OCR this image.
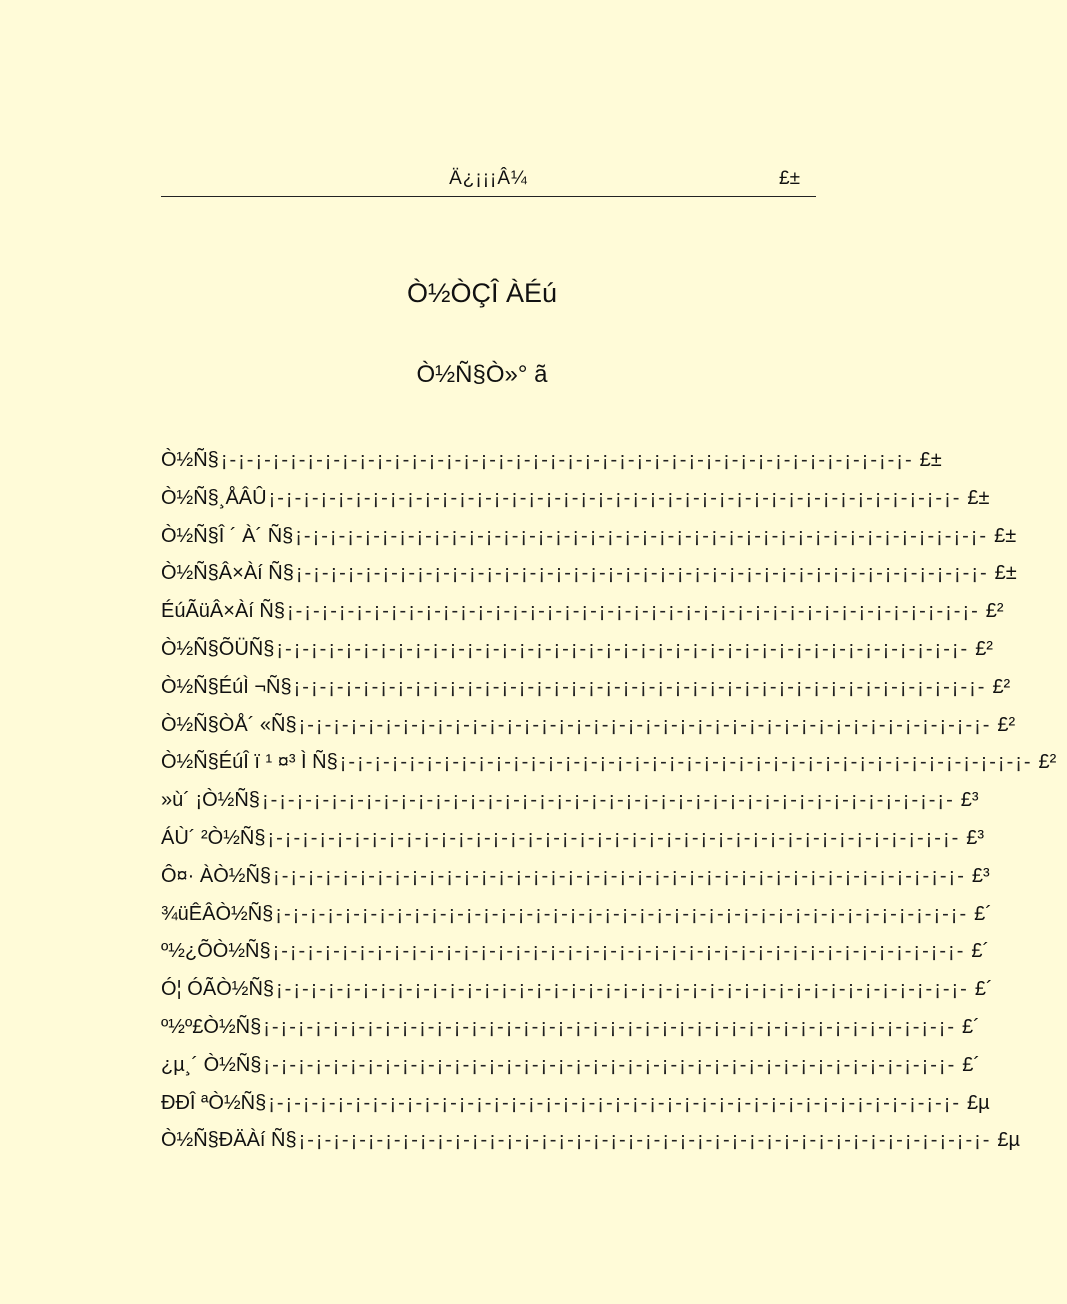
Ä¿¡¡¡Â¼	£±
Ò½ÒÇÎ ÀÉú
Ò½Ñ§Ò»° ã
Ò½Ñ§ ¡-¡-¡-¡-¡-¡-¡-¡-¡-¡-¡-¡-¡-¡-¡-¡-¡-¡-¡-¡-¡-¡-¡-¡-¡-¡-¡-¡-¡-¡-¡-¡-¡-¡-¡-¡-¡-¡-¡-¡- £±
Ò½Ñ§¸ÅÂÛ ¡-¡-¡-¡-¡-¡-¡-¡-¡-¡-¡-¡-¡-¡-¡-¡-¡-¡-¡-¡-¡-¡-¡-¡-¡-¡-¡-¡-¡-¡-¡-¡-¡-¡-¡-¡-¡-¡-¡-¡- £±
Ò½Ñ§Î ´ À´ Ñ§ ¡-¡-¡-¡-¡-¡-¡-¡-¡-¡-¡-¡-¡-¡-¡-¡-¡-¡-¡-¡-¡-¡-¡-¡-¡-¡-¡-¡-¡-¡-¡-¡-¡-¡-¡-¡-¡-¡-¡-¡- £±
Ò½Ñ§Â×Àí Ñ§ ¡-¡-¡-¡-¡-¡-¡-¡-¡-¡-¡-¡-¡-¡-¡-¡-¡-¡-¡-¡-¡-¡-¡-¡-¡-¡-¡-¡-¡-¡-¡-¡-¡-¡-¡-¡-¡-¡-¡-¡- £±
ÉúÃüÂ×Àí Ñ§ ¡-¡-¡-¡-¡-¡-¡-¡-¡-¡-¡-¡-¡-¡-¡-¡-¡-¡-¡-¡-¡-¡-¡-¡-¡-¡-¡-¡-¡-¡-¡-¡-¡-¡-¡-¡-¡-¡-¡-¡- £²
Ò½Ñ§ÕÜÑ§ ¡-¡-¡-¡-¡-¡-¡-¡-¡-¡-¡-¡-¡-¡-¡-¡-¡-¡-¡-¡-¡-¡-¡-¡-¡-¡-¡-¡-¡-¡-¡-¡-¡-¡-¡-¡-¡-¡-¡-¡- £²
Ò½Ñ§ÉúÌ ¬Ñ§ ¡-¡-¡-¡-¡-¡-¡-¡-¡-¡-¡-¡-¡-¡-¡-¡-¡-¡-¡-¡-¡-¡-¡-¡-¡-¡-¡-¡-¡-¡-¡-¡-¡-¡-¡-¡-¡-¡-¡-¡- £²
Ò½Ñ§ÒÅ´ «Ñ§ ¡-¡-¡-¡-¡-¡-¡-¡-¡-¡-¡-¡-¡-¡-¡-¡-¡-¡-¡-¡-¡-¡-¡-¡-¡-¡-¡-¡-¡-¡-¡-¡-¡-¡-¡-¡-¡-¡-¡-¡- £²
Ò½Ñ§ÉúÎ ï ¹ ¤³ Ì Ñ§ ¡-¡-¡-¡-¡-¡-¡-¡-¡-¡-¡-¡-¡-¡-¡-¡-¡-¡-¡-¡-¡-¡-¡-¡-¡-¡-¡-¡-¡-¡-¡-¡-¡-¡-¡-¡-¡-¡-¡-¡- £²
»ù´ ¡Ò½Ñ§ ¡-¡-¡-¡-¡-¡-¡-¡-¡-¡-¡-¡-¡-¡-¡-¡-¡-¡-¡-¡-¡-¡-¡-¡-¡-¡-¡-¡-¡-¡-¡-¡-¡-¡-¡-¡-¡-¡-¡-¡- £³
ÁÙ´ ²Ò½Ñ§ ¡-¡-¡-¡-¡-¡-¡-¡-¡-¡-¡-¡-¡-¡-¡-¡-¡-¡-¡-¡-¡-¡-¡-¡-¡-¡-¡-¡-¡-¡-¡-¡-¡-¡-¡-¡-¡-¡-¡-¡- £³
Ô¤· ÀÒ½Ñ§ ¡-¡-¡-¡-¡-¡-¡-¡-¡-¡-¡-¡-¡-¡-¡-¡-¡-¡-¡-¡-¡-¡-¡-¡-¡-¡-¡-¡-¡-¡-¡-¡-¡-¡-¡-¡-¡-¡-¡-¡- £³
¾üÊÂÒ½Ñ§ ¡-¡-¡-¡-¡-¡-¡-¡-¡-¡-¡-¡-¡-¡-¡-¡-¡-¡-¡-¡-¡-¡-¡-¡-¡-¡-¡-¡-¡-¡-¡-¡-¡-¡-¡-¡-¡-¡-¡-¡- £´
º½¿ÕÒ½Ñ§ ¡-¡-¡-¡-¡-¡-¡-¡-¡-¡-¡-¡-¡-¡-¡-¡-¡-¡-¡-¡-¡-¡-¡-¡-¡-¡-¡-¡-¡-¡-¡-¡-¡-¡-¡-¡-¡-¡-¡-¡- £´
Ó¦ ÓÃÒ½Ñ§ ¡-¡-¡-¡-¡-¡-¡-¡-¡-¡-¡-¡-¡-¡-¡-¡-¡-¡-¡-¡-¡-¡-¡-¡-¡-¡-¡-¡-¡-¡-¡-¡-¡-¡-¡-¡-¡-¡-¡-¡- £´
º½º£Ò½Ñ§ ¡-¡-¡-¡-¡-¡-¡-¡-¡-¡-¡-¡-¡-¡-¡-¡-¡-¡-¡-¡-¡-¡-¡-¡-¡-¡-¡-¡-¡-¡-¡-¡-¡-¡-¡-¡-¡-¡-¡-¡- £´
¿µ¸´ Ò½Ñ§ ¡-¡-¡-¡-¡-¡-¡-¡-¡-¡-¡-¡-¡-¡-¡-¡-¡-¡-¡-¡-¡-¡-¡-¡-¡-¡-¡-¡-¡-¡-¡-¡-¡-¡-¡-¡-¡-¡-¡-¡- £´
ÐÐÎ ªÒ½Ñ§ ¡-¡-¡-¡-¡-¡-¡-¡-¡-¡-¡-¡-¡-¡-¡-¡-¡-¡-¡-¡-¡-¡-¡-¡-¡-¡-¡-¡-¡-¡-¡-¡-¡-¡-¡-¡-¡-¡-¡-¡- £µ
Ò½Ñ§ÐÄÀí Ñ§ ¡-¡-¡-¡-¡-¡-¡-¡-¡-¡-¡-¡-¡-¡-¡-¡-¡-¡-¡-¡-¡-¡-¡-¡-¡-¡-¡-¡-¡-¡-¡-¡-¡-¡-¡-¡-¡-¡-¡-¡- £µ
